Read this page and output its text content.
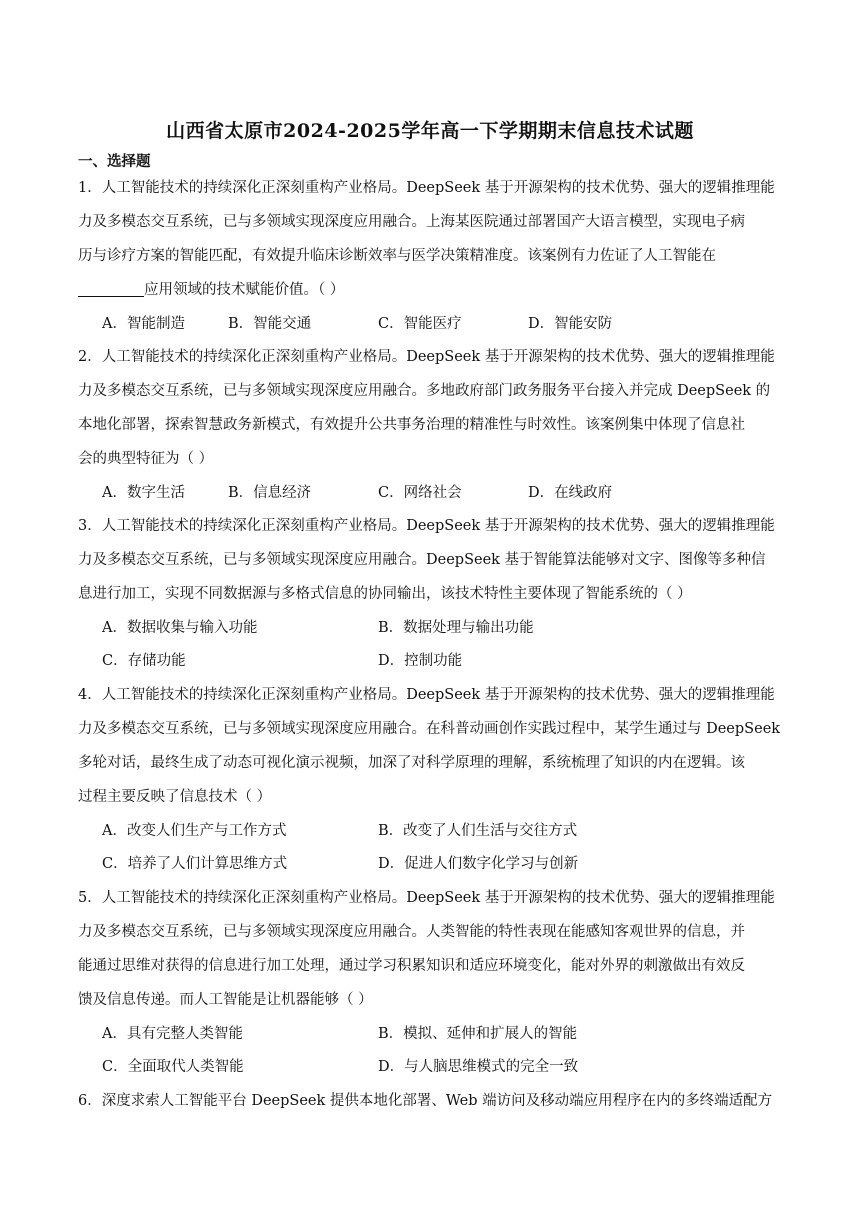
山西省太原市2024-2025学年高一下学期期末信息技术试题
一、选择题
1．人工智能技术的持续深化正深刻重构产业格局。DeepSeek 基于开源架构的技术优势、强大的逻辑推理能
力及多模态交互系统，已与多领域实现深度应用融合。上海某医院通过部署国产大语言模型，实现电子病
历与诊疗方案的智能匹配，有效提升临床诊断效率与医学决策精准度。该案例有力佐证了人工智能在
应用领域的技术赋能价值。（ ）
A．智能制造	B．智能交通	C．智能医疗	D．智能安防
2．人工智能技术的持续深化正深刻重构产业格局。DeepSeek 基于开源架构的技术优势、强大的逻辑推理能
力及多模态交互系统，已与多领域实现深度应用融合。多地政府部门政务服务平台接入并完成 DeepSeek 的
本地化部署，探索智慧政务新模式，有效提升公共事务治理的精准性与时效性。该案例集中体现了信息社
会的典型特征为（ ）
A．数字生活	B．信息经济	C．网络社会	D．在线政府
3．人工智能技术的持续深化正深刻重构产业格局。DeepSeek 基于开源架构的技术优势、强大的逻辑推理能
力及多模态交互系统，已与多领域实现深度应用融合。DeepSeek 基于智能算法能够对文字、图像等多种信
息进行加工，实现不同数据源与多格式信息的协同输出，该技术特性主要体现了智能系统的（ ）
A．数据收集与输入功能	B．数据处理与输出功能
C．存储功能	D．控制功能
4．人工智能技术的持续深化正深刻重构产业格局。DeepSeek 基于开源架构的技术优势、强大的逻辑推理能
力及多模态交互系统，已与多领域实现深度应用融合。在科普动画创作实践过程中，某学生通过与 DeepSeek
多轮对话，最终生成了动态可视化演示视频，加深了对科学原理的理解，系统梳理了知识的内在逻辑。该
过程主要反映了信息技术（ ）
A．改变人们生产与工作方式	B．改变了人们生活与交往方式
C．培养了人们计算思维方式	D．促进人们数字化学习与创新
5．人工智能技术的持续深化正深刻重构产业格局。DeepSeek 基于开源架构的技术优势、强大的逻辑推理能
力及多模态交互系统，已与多领域实现深度应用融合。人类智能的特性表现在能感知客观世界的信息，并
能通过思维对获得的信息进行加工处理，通过学习积累知识和适应环境变化，能对外界的刺激做出有效反
馈及信息传递。而人工智能是让机器能够（ ）
A．具有完整人类智能	B．模拟、延伸和扩展人的智能
C．全面取代人类智能	D．与人脑思维模式的完全一致
6．深度求索人工智能平台 DeepSeek 提供本地化部署、Web 端访问及移动端应用程序在内的多终端适配方
